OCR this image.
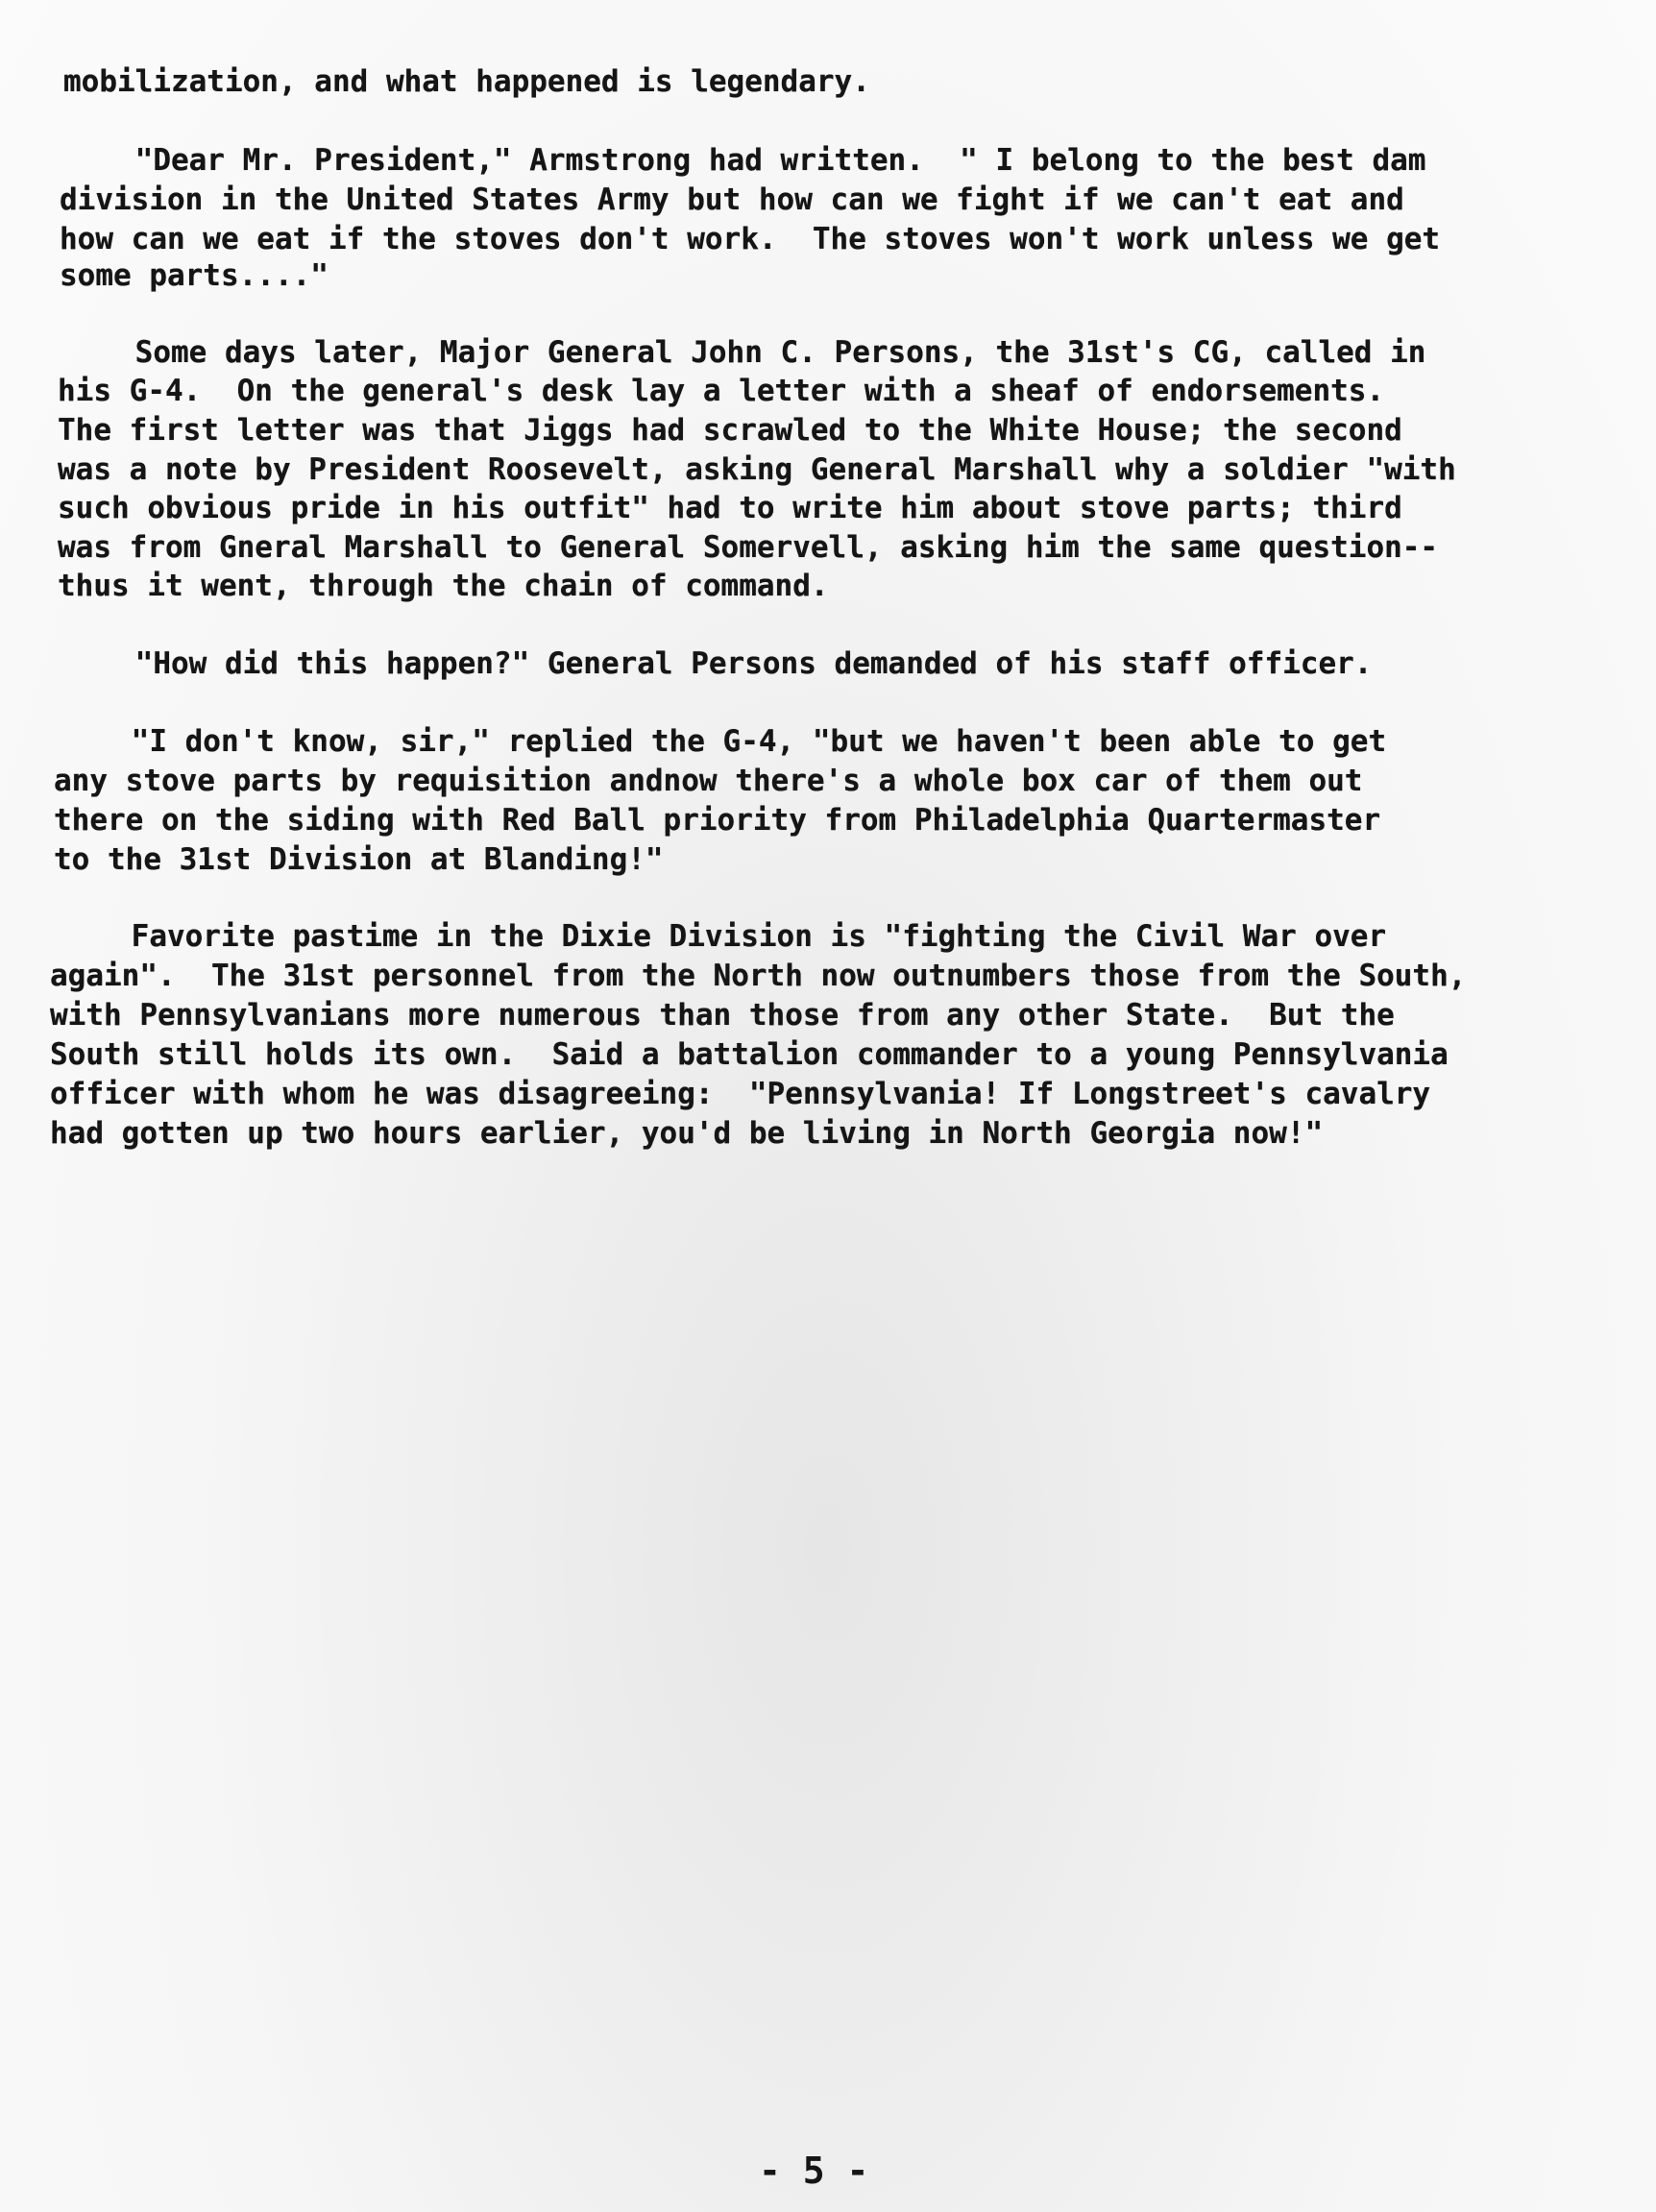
mobilization, and what happened is legendary.
"Dear Mr. President," Armstrong had written.  " I belong to the best dam
division in the United States Army but how can we fight if we can't eat and
how can we eat if the stoves don't work.  The stoves won't work unless we get
some parts...."
Some days later, Major General John C. Persons, the 31st's CG, called in
his G-4.  On the general's desk lay a letter with a sheaf of endorsements.
The first letter was that Jiggs had scrawled to the White House; the second
was a note by President Roosevelt, asking General Marshall why a soldier "with
such obvious pride in his outfit" had to write him about stove parts; third
was from Gneral Marshall to General Somervell, asking him the same question--
thus it went, through the chain of command.
"How did this happen?" General Persons demanded of his staff officer.
"I don't know, sir," replied the G-4, "but we haven't been able to get
any stove parts by requisition andnow there's a whole box car of them out
there on the siding with Red Ball priority from Philadelphia Quartermaster
to the 31st Division at Blanding!"
Favorite pastime in the Dixie Division is "fighting the Civil War over
again".  The 31st personnel from the North now outnumbers those from the South,
with Pennsylvanians more numerous than those from any other State.  But the
South still holds its own.  Said a battalion commander to a young Pennsylvania
officer with whom he was disagreeing:  "Pennsylvania! If Longstreet's cavalry
had gotten up two hours earlier, you'd be living in North Georgia now!"
- 5 -
